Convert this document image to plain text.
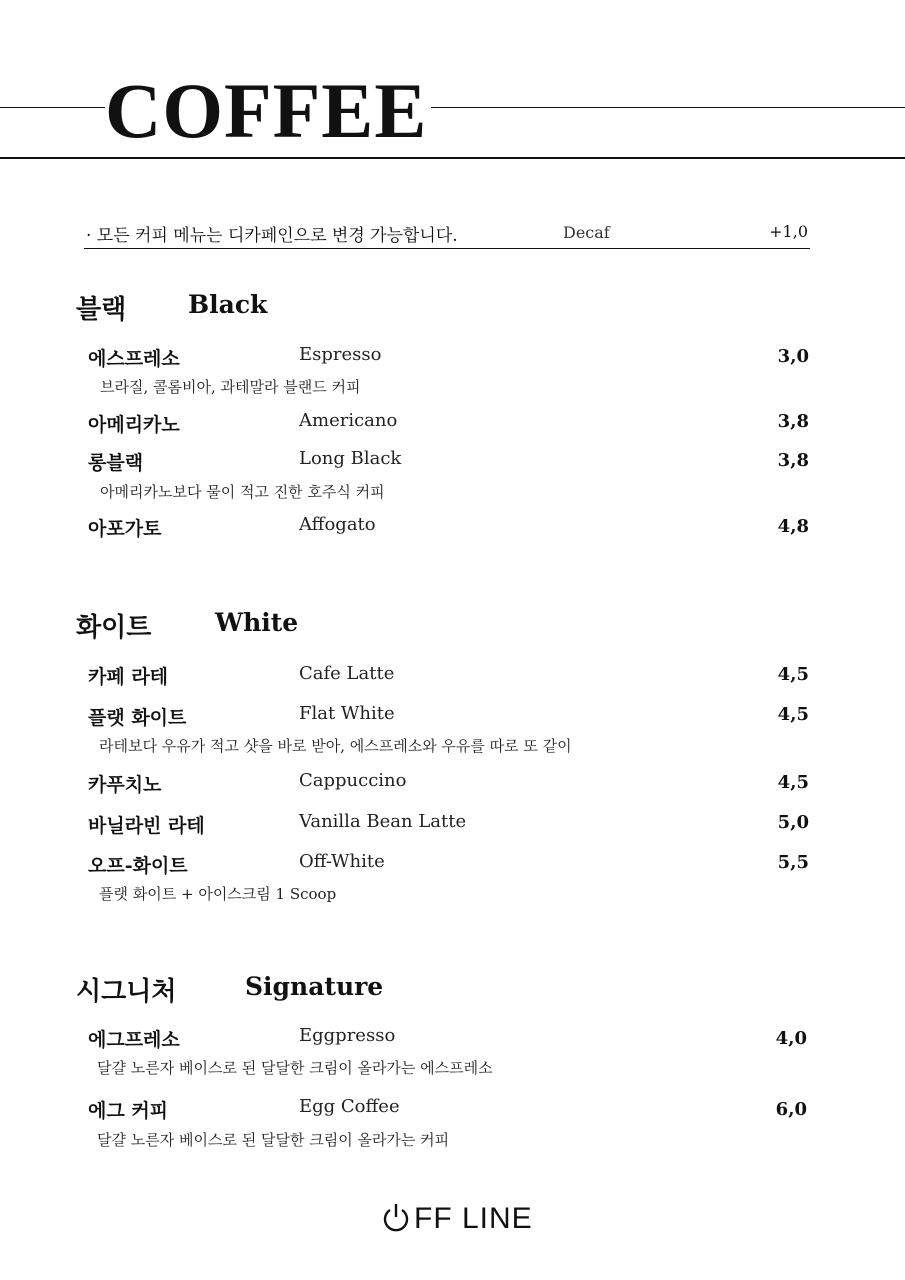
COFFEE
· 모든 커피 메뉴는 디카페인으로 변경 가능합니다.	Decaf	+1,0
블랙 Black
에스프레소	Espresso	3,0
브라질, 콜롬비아, 과테말라 블랜드 커피
아메리카노	Americano	3,8
롱블랙	Long Black	3,8
아메리카노보다 물이 적고 진한 호주식 커피
아포가토	Affogato	4,8
화이트	White
카페 라테	Cafe Latte	4,5
플랫 화이트	Flat White	4,5
라테보다 우유가 적고 샷을 바로 받아, 에스프레소와 우유를 따로 또 같이
카푸치노	Cappuccino	4,5
바닐라빈 라테	Vanilla Bean Latte	5,0
오프-화이트	Off-White	5,5
플랫 화이트 + 아이스크림 1 Scoop
시그니처	Signature
에그프레소	Eggpresso	4,0
달걀 노른자 베이스로 된 달달한 크림이 올라가는 에스프레소
에그 커피	Egg Coffee	6,0
달걀 노른자 베이스로 된 달달한 크림이 올라가는 커피
FF LINE
